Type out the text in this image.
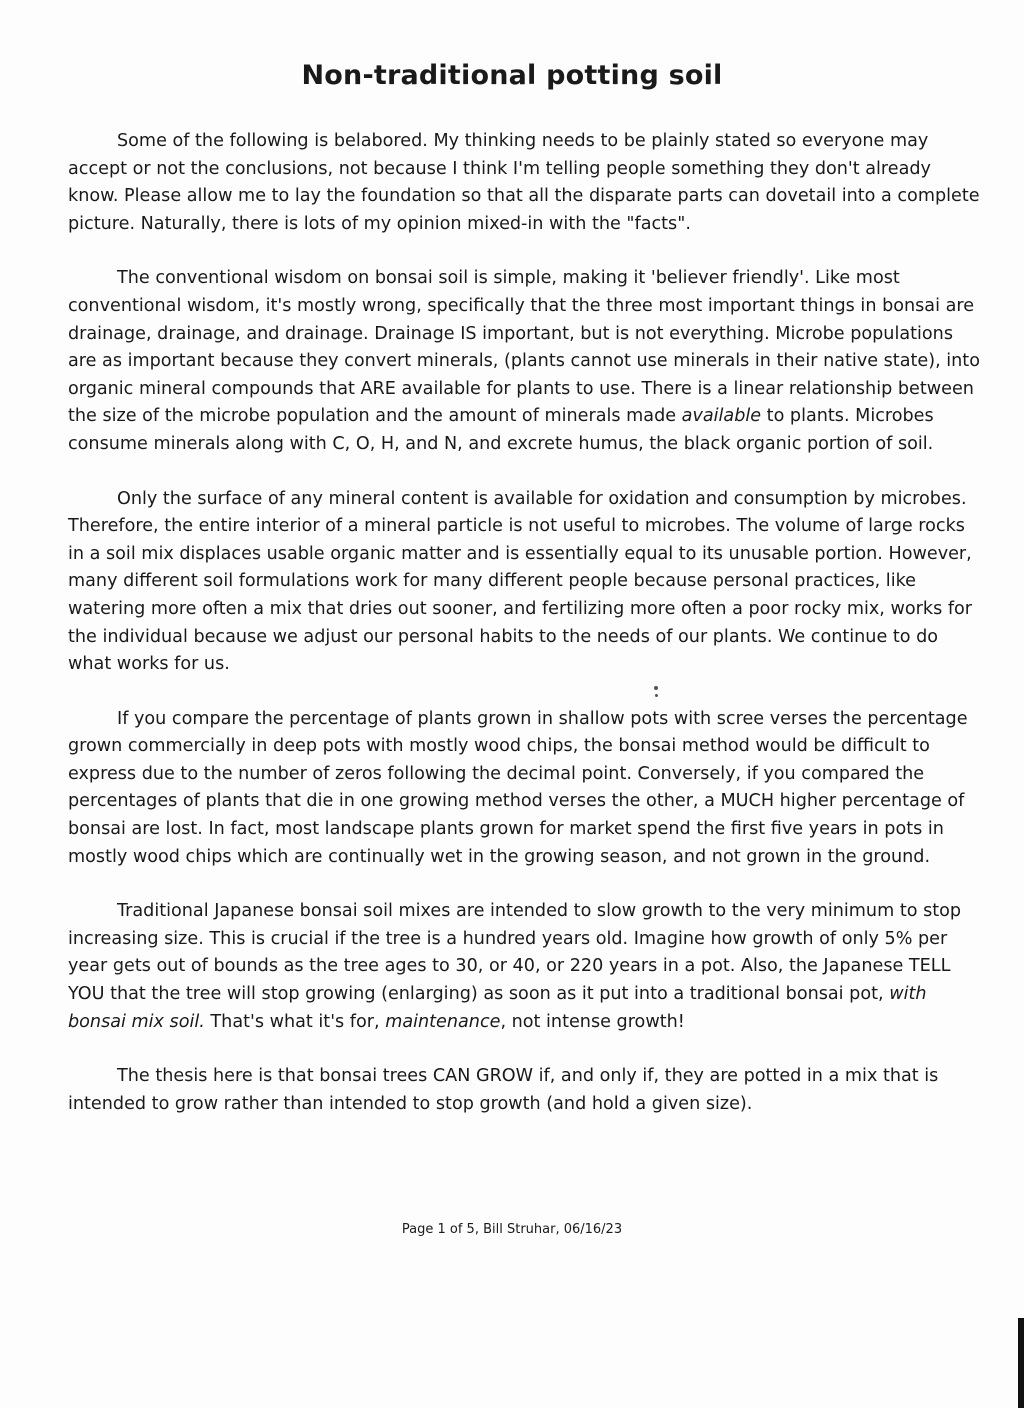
Non-traditional potting soil

Some of the following is belabored. My thinking needs to be plainly stated so everyone may accept or not the conclusions, not because I think I'm telling people something they don't already know. Please allow me to lay the foundation so that all the disparate parts can dovetail into a complete picture. Naturally, there is lots of my opinion mixed-in with the "facts".

The conventional wisdom on bonsai soil is simple, making it 'believer friendly'. Like most conventional wisdom, it's mostly wrong, specifically that the three most important things in bonsai are drainage, drainage, and drainage. Drainage IS important, but is not everything. Microbe populations are as important because they convert minerals, (plants cannot use minerals in their native state), into organic mineral compounds that ARE available for plants to use. There is a linear relationship between the size of the microbe population and the amount of minerals made available to plants. Microbes consume minerals along with C, O, H, and N, and excrete humus, the black organic portion of soil.

Only the surface of any mineral content is available for oxidation and consumption by microbes. Therefore, the entire interior of a mineral particle is not useful to microbes. The volume of large rocks in a soil mix displaces usable organic matter and is essentially equal to its unusable portion. However, many different soil formulations work for many different people because personal practices, like watering more often a mix that dries out sooner, and fertilizing more often a poor rocky mix, works for the individual because we adjust our personal habits to the needs of our plants. We continue to do what works for us.

If you compare the percentage of plants grown in shallow pots with scree verses the percentage grown commercially in deep pots with mostly wood chips, the bonsai method would be difficult to express due to the number of zeros following the decimal point. Conversely, if you compared the percentages of plants that die in one growing method verses the other, a MUCH higher percentage of bonsai are lost. In fact, most landscape plants grown for market spend the first five years in pots in mostly wood chips which are continually wet in the growing season, and not grown in the ground.

Traditional Japanese bonsai soil mixes are intended to slow growth to the very minimum to stop increasing size. This is crucial if the tree is a hundred years old. Imagine how growth of only 5% per year gets out of bounds as the tree ages to 30, or 40, or 220 years in a pot. Also, the Japanese TELL YOU that the tree will stop growing (enlarging) as soon as it put into a traditional bonsai pot, with bonsai mix soil. That's what it's for, maintenance, not intense growth!

The thesis here is that bonsai trees CAN GROW if, and only if, they are potted in a mix that is intended to grow rather than intended to stop growth (and hold a given size).

Page 1 of 5, Bill Struhar, 06/16/23
